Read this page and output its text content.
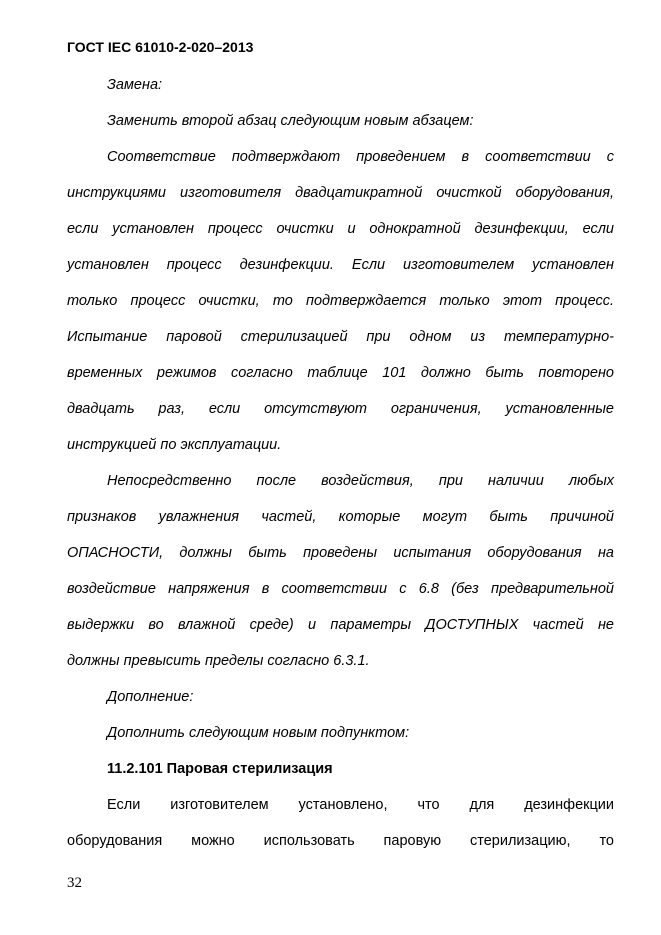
ГОСТ IEC 61010-2-020–2013
Замена:
Заменить второй абзац следующим новым абзацем:
Соответствие подтверждают проведением в соответствии с
инструкциями изготовителя двадцатикратной очисткой оборудования,
если установлен процесс очистки и однократной дезинфекции, если
установлен процесс дезинфекции. Если изготовителем установлен
только процесс очистки, то подтверждается только этот процесс.
Испытание паровой стерилизацией при одном из температурно-
временных режимов согласно таблице 101 должно быть повторено
двадцать раз, если отсутствуют ограничения, установленные
инструкцией по эксплуатации.
Непосредственно после воздействия, при наличии любых
признаков увлажнения частей, которые могут быть причиной
ОПАСНОСТИ, должны быть проведены испытания оборудования на
воздействие напряжения в соответствии с 6.8 (без предварительной
выдержки во влажной среде) и параметры ДОСТУПНЫХ частей не
должны превысить пределы согласно 6.3.1.
Дополнение:
Дополнить следующим новым подпунктом:
11.2.101 Паровая стерилизация
Если изготовителем установлено, что для дезинфекции
оборудования можно использовать паровую стерилизацию, то
32
